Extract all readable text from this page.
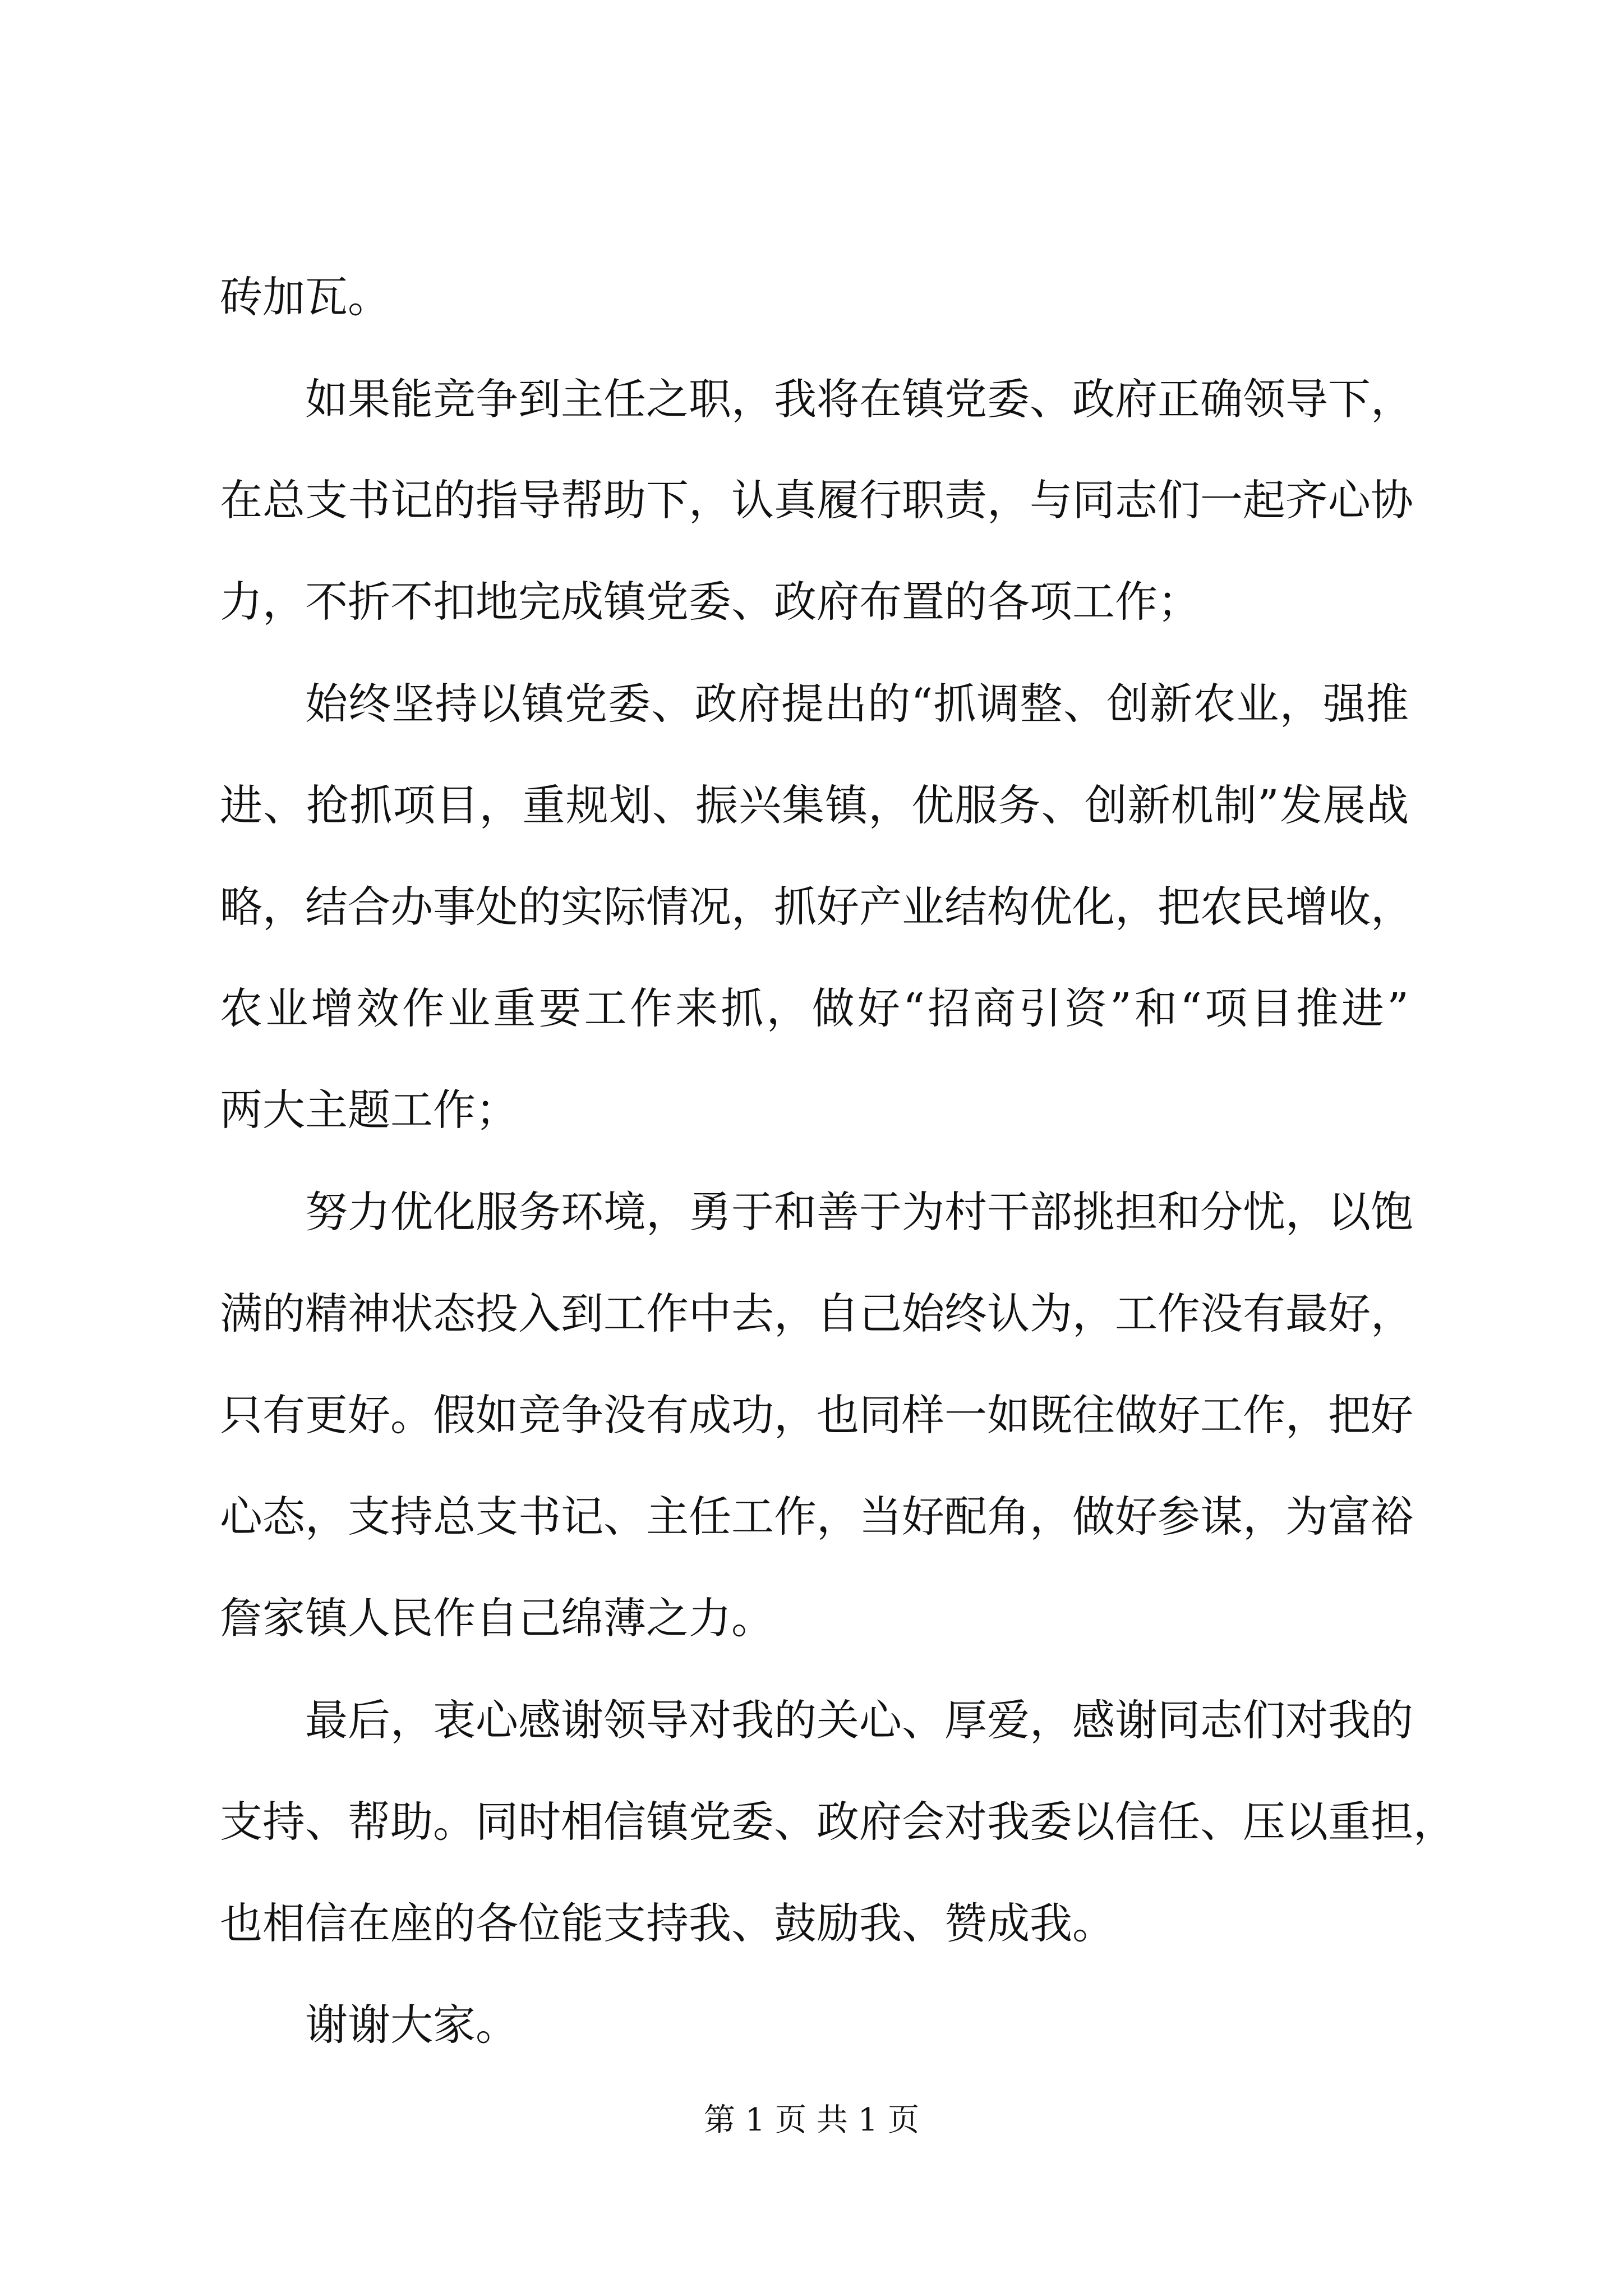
砖加瓦。
如果能竞争到主任之职，我将在镇党委、政府正确领导下，
在总支书记的指导帮助下，认真履行职责，与同志们一起齐心协
力，不折不扣地完成镇党委、政府布置的各项工作；
始终坚持以镇党委、政府提出的“抓调整、创新农业，强推
进、抢抓项目，重规划、振兴集镇，优服务、创新机制”发展战
略，结合办事处的实际情况，抓好产业结构优化，把农民增收，
农业增效作业重要工作来抓，做好“招商引资”和“项目推进”
两大主题工作；
努力优化服务环境，勇于和善于为村干部挑担和分忧，以饱
满的精神状态投入到工作中去，自己始终认为，工作没有最好，
只有更好。假如竞争没有成功，也同样一如既往做好工作，把好
心态，支持总支书记、主任工作，当好配角，做好参谋，为富裕
詹家镇人民作自己绵薄之力。
最后，衷心感谢领导对我的关心、厚爱，感谢同志们对我的
支持、帮助。同时相信镇党委、政府会对我委以信任、压以重担，
也相信在座的各位能支持我、鼓励我、赞成我。
谢谢大家。
第 1 页 共 1 页
